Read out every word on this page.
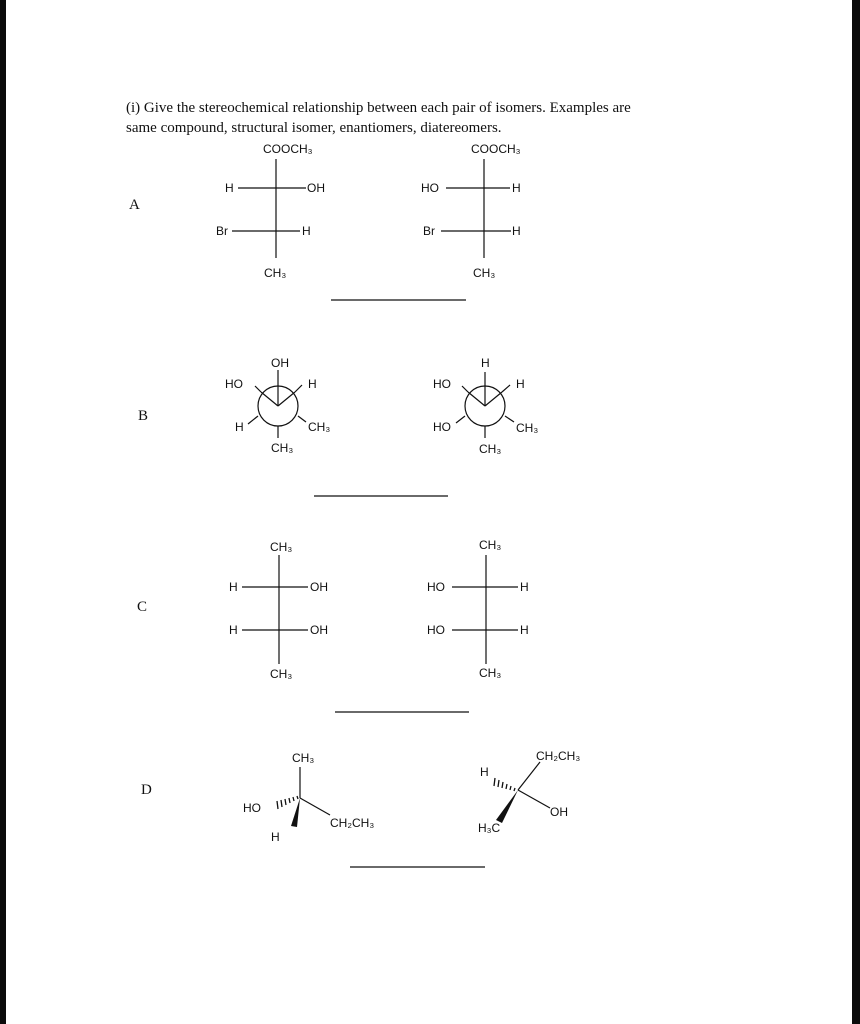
(i) Give the stereochemical relationship between each pair of isomers. Examples are
same compound, structural isomer, enantiomers, diatereomers.

A
B
C
D
COOCH₃
H	OH
Br	H
CH₃
COOCH₃
HO	H
Br	H
CH₃
OH
HO	H
H	CH₃
CH₃
H
HO	H
HO	CH₃
CH₃
CH₃
H	OH
H	OH
CH₃
CH₃
HO	H
HO	H
CH₃
CH₃
HO
H
CH₂CH₃
CH₂CH₃
H
H₃C
OH
